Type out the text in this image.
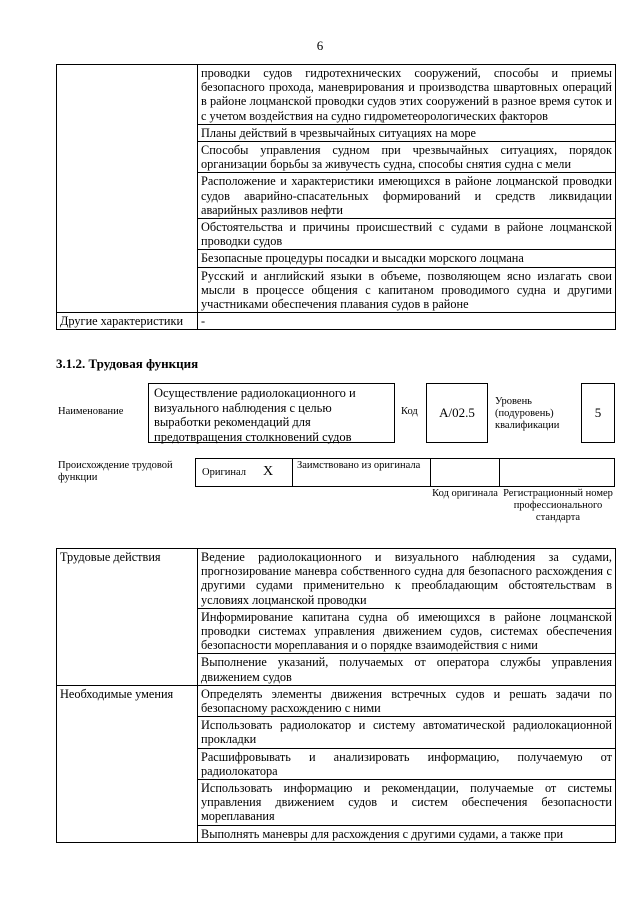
6
	проводки судов гидротехнических сооружений, способы и приемы безопасного прохода, маневрирования и производства швартовных операций в районе лоцманской проводки судов этих сооружений в разное время суток и с учетом воздействия на судно гидрометеорологических факторов
	Планы действий в чрезвычайных ситуациях на море
	Способы управления судном при чрезвычайных ситуациях, порядок организации борьбы за живучесть судна, способы снятия судна с мели
	Расположение и характеристики имеющихся в районе лоцманской проводки судов аварийно-спасательных формирований и средств ликвидации аварийных разливов нефти
	Обстоятельства и причины происшествий с судами в районе лоцманской проводки судов
	Безопасные процедуры посадки и высадки морского лоцмана
	Русский и английский языки в объеме, позволяющем ясно излагать свои мысли в процессе общения с капитаном проводимого судна и другими участниками обеспечения плавания судов в районе
Другие характеристики	-
3.1.2. Трудовая функция
Наименование
Осуществление радиолокационного и визуального наблюдения с целью выработки рекомендаций для предотвращения столкновений судов
Код A/02.5
Уровень (подуровень) квалификации
5
Происхождение трудовой функции	Оригинал X Заимствовано из оригинала
Код оригинала Регистрационный номер профессионального стандарта
Трудовые действия	Ведение радиолокационного и визуального наблюдения за судами, прогнозирование маневра собственного судна для безопасного расхождения с другими судами применительно к преобладающим обстоятельствам в условиях лоцманской проводки
	Информирование капитана судна об имеющихся в районе лоцманской проводки системах управления движением судов, системах обеспечения безопасности мореплавания и о порядке взаимодействия с ними
	Выполнение указаний, получаемых от оператора службы управления движением судов
Необходимые умения	Определять элементы движения встречных судов и решать задачи по безопасному расхождению с ними
	Использовать радиолокатор и систему автоматической радиолокационной прокладки
	Расшифровывать и анализировать информацию, получаемую от радиолокатора
	Использовать информацию и рекомендации, получаемые от системы управления движением судов и систем обеспечения безопасности мореплавания
	Выполнять маневры для расхождения с другими судами, а также при
